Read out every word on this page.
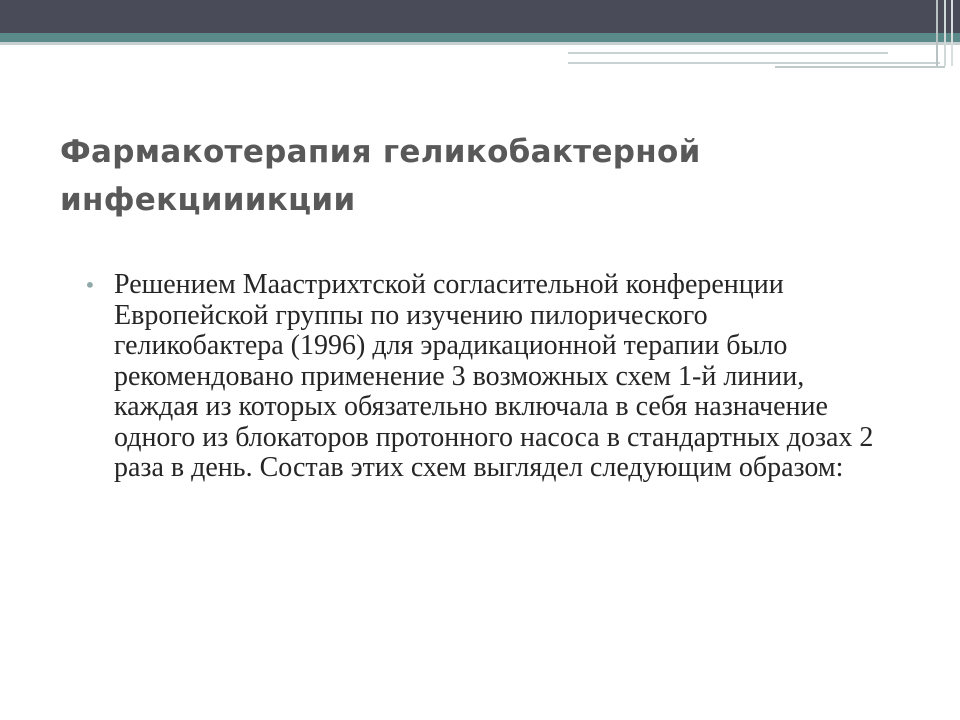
Фармакотерапия геликобактерной
инфекцииикции
• Решением Маастрихтской согласительной конференции Европейской группы по изучению пилорического геликобактера (1996) для эрадикационной терапии было рекомендовано применение 3 возможных схем 1-й линии, каждая из которых обязательно включала в себя назначение одного из блокаторов протонного насоса в стандартных дозах 2 раза в день. Состав этих схем выглядел следующим образом:
